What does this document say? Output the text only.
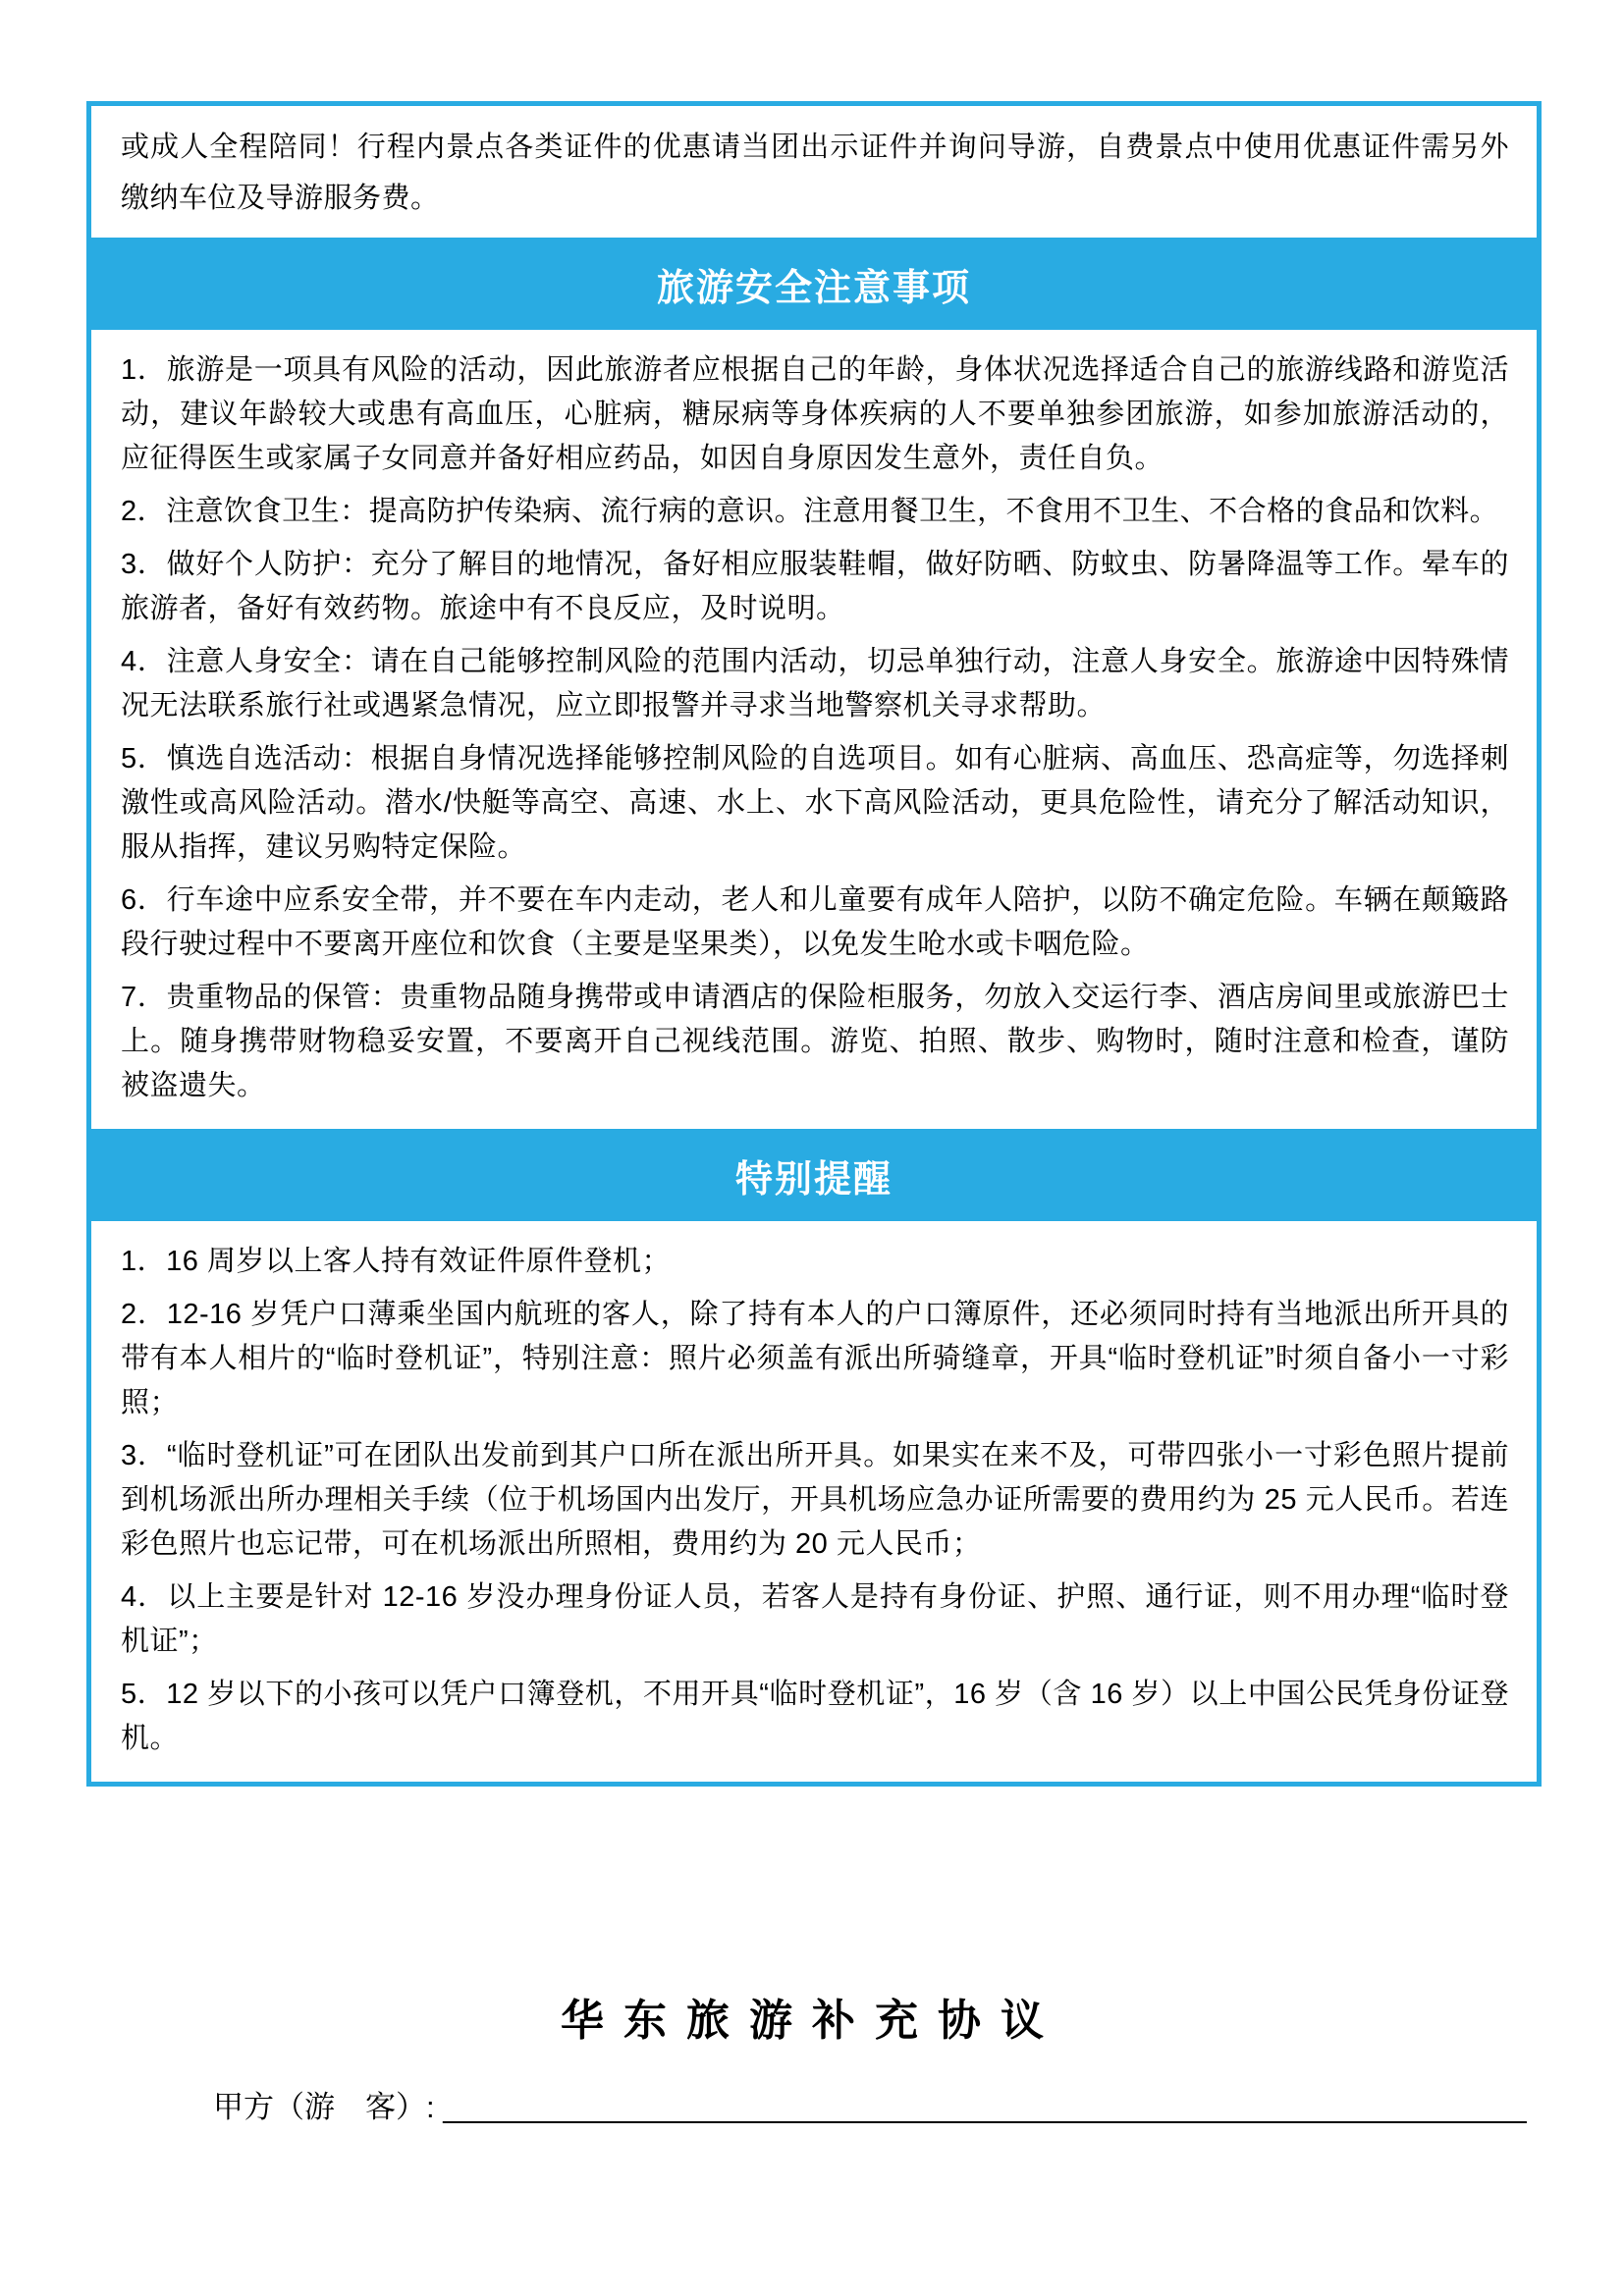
或成人全程陪同！行程内景点各类证件的优惠请当团出示证件并询问导游，自费景点中使用优惠证件需另外缴纳车位及导游服务费。

旅游安全注意事项

1．旅游是一项具有风险的活动，因此旅游者应根据自己的年龄，身体状况选择适合自己的旅游线路和游览活动，建议年龄较大或患有高血压，心脏病，糖尿病等身体疾病的人不要单独参团旅游，如参加旅游活动的，应征得医生或家属子女同意并备好相应药品，如因自身原因发生意外，责任自负。

2．注意饮食卫生：提高防护传染病、流行病的意识。注意用餐卫生，不食用不卫生、不合格的食品和饮料。

3．做好个人防护：充分了解目的地情况，备好相应服装鞋帽，做好防晒、防蚊虫、防暑降温等工作。晕车的旅游者，备好有效药物。旅途中有不良反应，及时说明。

4．注意人身安全：请在自己能够控制风险的范围内活动，切忌单独行动，注意人身安全。旅游途中因特殊情况无法联系旅行社或遇紧急情况，应立即报警并寻求当地警察机关寻求帮助。

5．慎选自选活动：根据自身情况选择能够控制风险的自选项目。如有心脏病、高血压、恐高症等，勿选择刺激性或高风险活动。潜水/快艇等高空、高速、水上、水下高风险活动，更具危险性，请充分了解活动知识，服从指挥，建议另购特定保险。

6．行车途中应系安全带，并不要在车内走动，老人和儿童要有成年人陪护，以防不确定危险。车辆在颠簸路段行驶过程中不要离开座位和饮食（主要是坚果类），以免发生呛水或卡咽危险。

7．贵重物品的保管：贵重物品随身携带或申请酒店的保险柜服务，勿放入交运行李、酒店房间里或旅游巴士上。随身携带财物稳妥安置，不要离开自己视线范围。游览、拍照、散步、购物时，随时注意和检查，谨防被盗遗失。

特别提醒

1．16 周岁以上客人持有效证件原件登机；

2．12-16 岁凭户口薄乘坐国内航班的客人，除了持有本人的户口簿原件，还必须同时持有当地派出所开具的带有本人相片的“临时登机证”，特别注意：照片必须盖有派出所骑缝章，开具“临时登机证”时须自备小一寸彩照；

3．“临时登机证”可在团队出发前到其户口所在派出所开具。如果实在来不及，可带四张小一寸彩色照片提前到机场派出所办理相关手续（位于机场国内出发厅，开具机场应急办证所需要的费用约为 25 元人民币。若连彩色照片也忘记带，可在机场派出所照相，费用约为 20 元人民币；

4．以上主要是针对 12-16 岁没办理身份证人员，若客人是持有身份证、护照、通行证，则不用办理“临时登机证”；

5．12 岁以下的小孩可以凭户口簿登机，不用开具“临时登机证”，16 岁（含 16 岁）以上中国公民凭身份证登机。

华东旅游补充协议
甲方（游　客）: ________________________________________________________________
